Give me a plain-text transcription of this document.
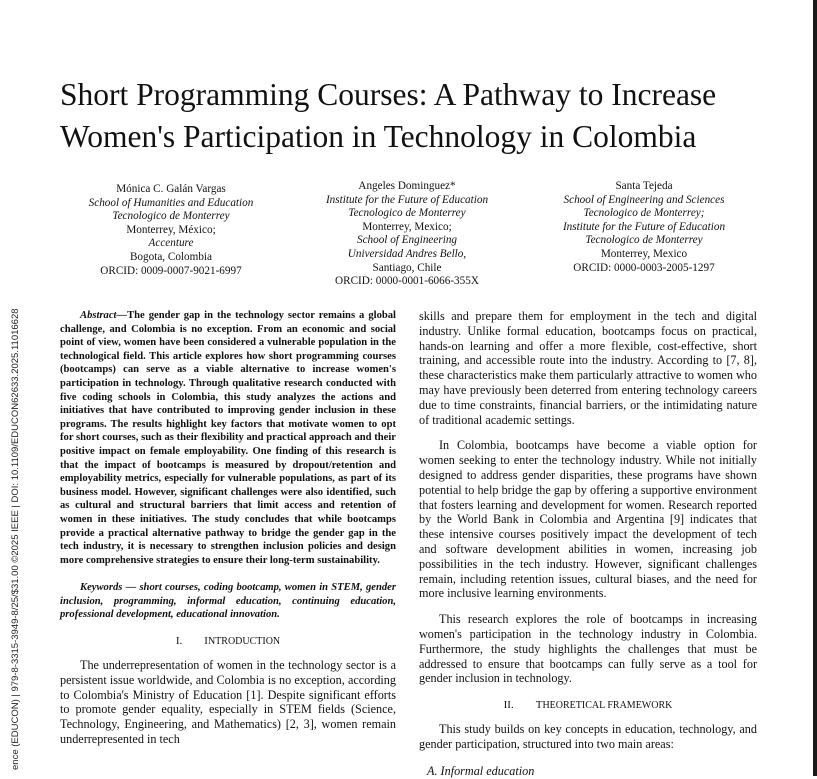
ence (EDUCON) | 979-8-3315-3949-8/25/$31.00 ©2025 IEEE | DOI: 10.1109/EDUCON62633.2025.11016628
Short Programming Courses: A Pathway to Increase
Women's Participation in Technology in Colombia
Mónica C. Galán Vargas
School of Humanities and Education
Tecnologico de Monterrey
Monterrey, México;
Accenture
Bogota, Colombia
ORCID: 0009-0007-9021-6997
Angeles Dominguez*
Institute for the Future of Education
Tecnologico de Monterrey
Monterrey, Mexico;
School of Engineering
Universidad Andres Bello,
Santiago, Chile
ORCID: 0000-0001-6066-355X
Santa Tejeda
School of Engineering and Sciences
Tecnologico de Monterrey;
Institute for the Future of Education
Tecnologico de Monterrey
Monterrey, Mexico
ORCID: 0000-0003-2005-1297

Abstract—The gender gap in the technology sector remains a global challenge, and Colombia is no exception. From an economic and social point of view, women have been considered a vulnerable population in the technological field. This article explores how short programming courses (bootcamps) can serve as a viable alternative to increase women's participation in technology. Through qualitative research conducted with five coding schools in Colombia, this study analyzes the actions and initiatives that have contributed to improving gender inclusion in these programs. The results highlight key factors that motivate women to opt for short courses, such as their flexibility and practical approach and their positive impact on female employability. One finding of this research is that the impact of bootcamps is measured by dropout/retention and employability metrics, especially for vulnerable populations, as part of its business model. However, significant challenges were also identified, such as cultural and structural barriers that limit access and retention of women in these initiatives. The study concludes that while bootcamps provide a practical alternative pathway to bridge the gender gap in the tech industry, it is necessary to strengthen inclusion policies and design more comprehensive strategies to ensure their long-term sustainability.

Keywords — short courses, coding bootcamp, women in STEM, gender inclusion, programming, informal education, continuing education, professional development, educational innovation.

I. INTRODUCTION

The underrepresentation of women in the technology sector is a persistent issue worldwide, and Colombia is no exception, according to Colombia's Ministry of Education [1]. Despite significant efforts to promote gender equality, especially in STEM fields (Science, Technology, Engineering, and Mathematics) [2, 3], women remain underrepresented in tech

skills and prepare them for employment in the tech and digital industry. Unlike formal education, bootcamps focus on practical, hands-on learning and offer a more flexible, cost-effective, short training, and accessible route into the industry. According to [7, 8], these characteristics make them particularly attractive to women who may have previously been deterred from entering technology careers due to time constraints, financial barriers, or the intimidating nature of traditional academic settings.

In Colombia, bootcamps have become a viable option for women seeking to enter the technology industry. While not initially designed to address gender disparities, these programs have shown potential to help bridge the gap by offering a supportive environment that fosters learning and development for women. Research reported by the World Bank in Colombia and Argentina [9] indicates that these intensive courses positively impact the development of tech and software development abilities in women, increasing job possibilities in the tech industry. However, significant challenges remain, including retention issues, cultural biases, and the need for more inclusive learning environments.

This research explores the role of bootcamps in increasing women's participation in the technology industry in Colombia. Furthermore, the study highlights the challenges that must be addressed to ensure that bootcamps can fully serve as a tool for gender inclusion in technology.

II. THEORETICAL FRAMEWORK

This study builds on key concepts in education, technology, and gender participation, structured into two main areas:

A. Informal education
